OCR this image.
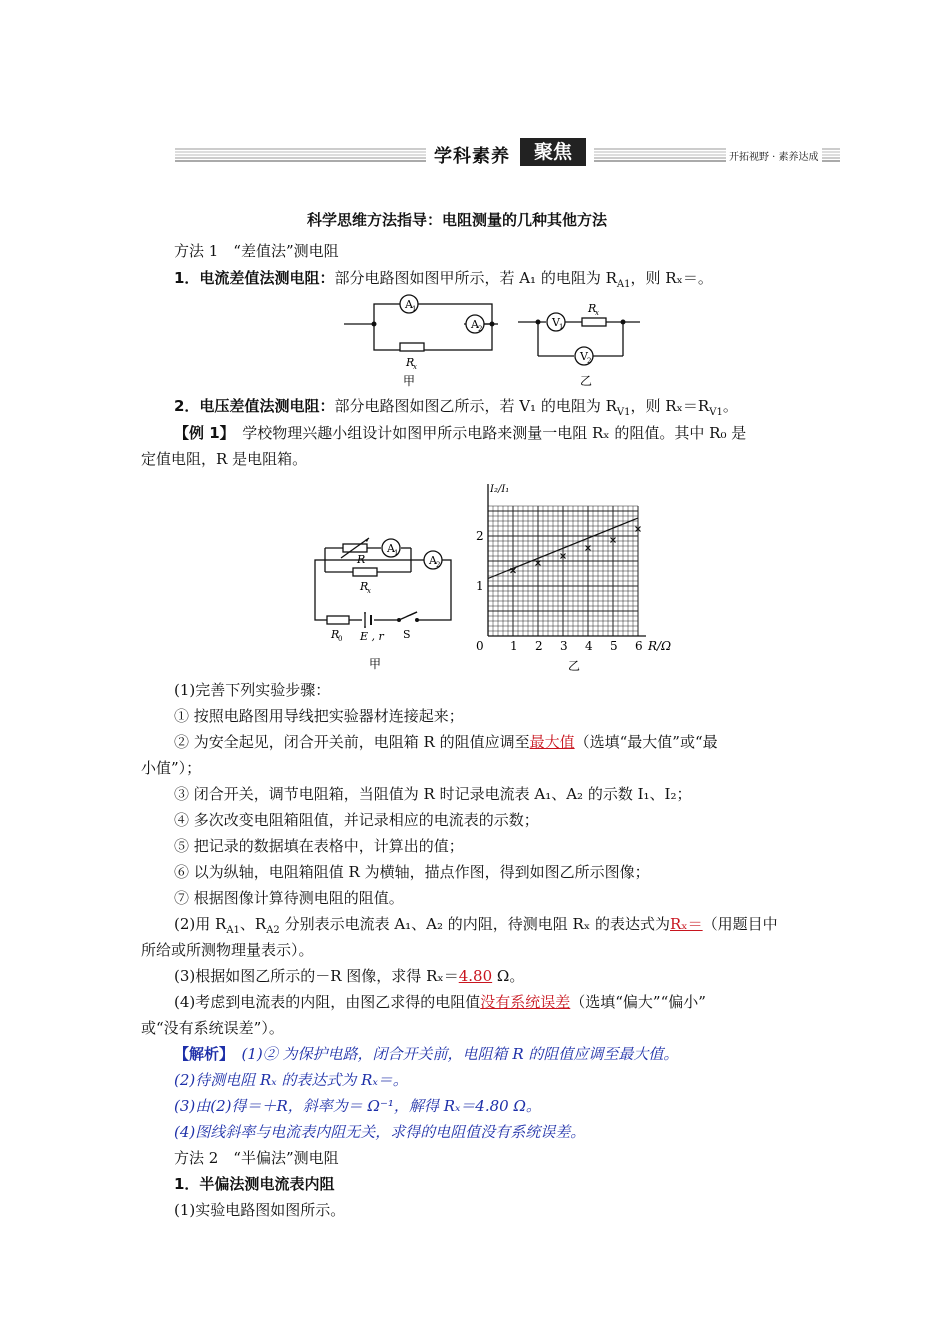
学科素养	聚焦	开拓视野 · 素养达成
科学思维方法指导：电阻测量的几种其他方法
方法 1　“差值法”测电阻
1．电流差值法测电阻：部分电路图如图甲所示，若 A₁ 的电阻为 $R_{A1}$，则 Rₓ＝。
A 1
A 2
R
x
甲
V 1
R
x
V 2
乙
2．电压差值法测电阻：部分电路图如图乙所示，若 V₁ 的电阻为 $R_{V1}$，则 $R_x=R_{V1}$。
【例 1】　 学校物理兴趣小组设计如图甲所示电路来测量一电阻 Rₓ 的阻值。其中 R₀ 是
定值电阻，R 是电阻箱。
A 1
A 2
R
R
x
R
0 E , r S
甲
0 1 2 3 4 5 6
1
2
R/Ω
I₂/I₁
乙
(1)完善下列实验步骤：
① 按照电路图用导线把实验器材连接起来；
② 为安全起见，闭合开关前，电阻箱 R 的阻值应调至最大值（选填“最大值”或“最
小值”）；
③ 闭合开关，调节电阻箱，当阻值为 R 时记录电流表 A₁、A₂ 的示数 I₁、I₂；
④ 多次改变电阻箱阻值，并记录相应的电流表的示数；
⑤ 把记录的数据填在表格中，计算出的值；
⑥ 以为纵轴，电阻箱阻值 R 为横轴，描点作图，得到如图乙所示图像；
⑦ 根据图像计算待测电阻的阻值。
(2)用 $R_{A1}$、$R_{A2}$ 分别表示电流表 A₁、A₂ 的内阻，待测电阻 Rₓ 的表达式为Rₓ＝（用题目中
所给或所测物理量表示）。
(3)根据如图乙所示的－R 图像，求得 Rₓ＝4.80 Ω。
(4)考虑到电流表的内阻，由图乙求得的电阻值没有系统误差（选填“偏大”“偏小”
或“没有系统误差”）。
【解析】　 (1)② 为保护电路，闭合开关前，电阻箱 R 的阻值应调至最大值。
(2)待测电阻 Rₓ 的表达式为 Rₓ＝。
(3)由(2)得＝＋R，斜率为＝ Ω⁻¹，解得 Rₓ＝4.80 Ω。
(4)图线斜率与电流表内阻无关，求得的电阻值没有系统误差。
方法 2　“半偏法”测电阻
1．半偏法测电流表内阻
(1)实验电路图如图所示。
